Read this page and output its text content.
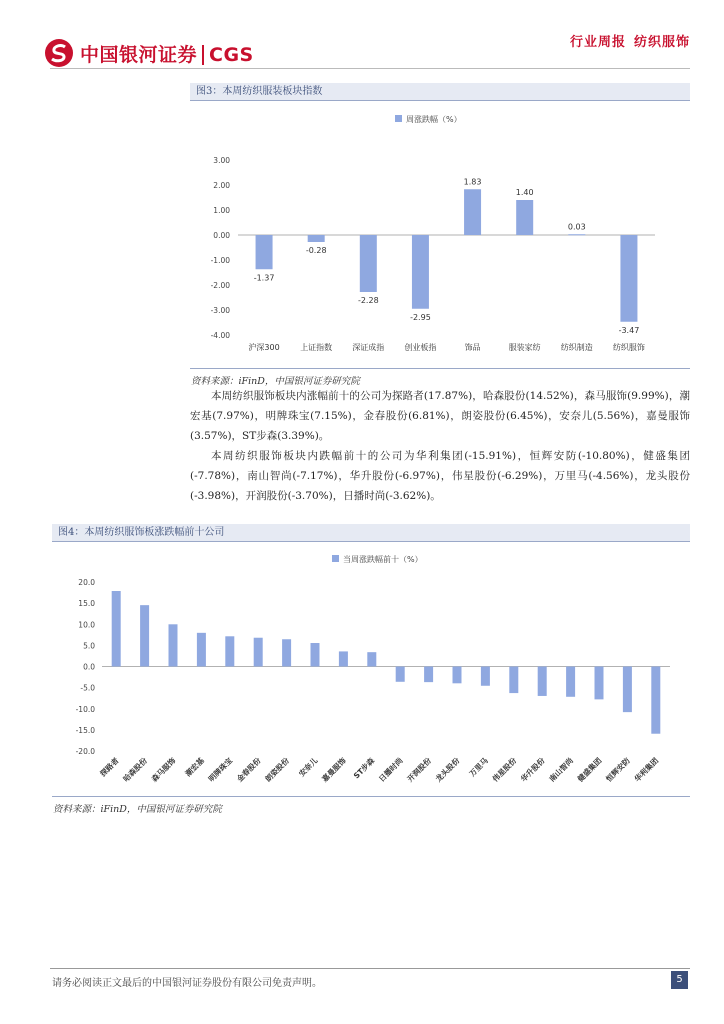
中国银河证券 CGS
行业周报 纺织服饰
图3：本周纺织服装板块指数
周涨跌幅（%）
3.00
2.00
1.00
0.00
-1.00
-2.00
-3.00
-4.00
-1.37
沪深300
-0.28
上证指数
-2.28
深证成指
-2.95
创业板指
1.83
饰品
1.40
服装家纺
0.03
纺织制造
-3.47
纺织服饰
资料来源：iFinD，中国银河证券研究院

本周纺织服饰板块内涨幅前十的公司为探路者(17.87%)，哈森股份(14.52%)，森马服饰(9.99%)，潮宏基(7.97%)，明牌珠宝(7.15%)，金春股份(6.81%)，朗姿股份(6.45%)，安奈儿(5.56%)，嘉曼服饰(3.57%)，ST步森(3.39%)。

本周纺织服饰板块内跌幅前十的公司为华利集团(-15.91%)，恒辉安防(-10.80%)，健盛集团(-7.78%)，南山智尚(-7.17%)，华升股份(-6.97%)，伟星股份(-6.29%)，万里马(-4.56%)，龙头股份(-3.98%)，开润股份(-3.70%)，日播时尚(-3.62%)。

图4：本周纺织服饰板涨跌幅前十公司
当周涨跌幅前十（%）
20.0
15.0
10.0
5.0
0.0
-5.0
-10.0
-15.0
-20.0
探路者 哈森股份 森马服饰 潮宏基 明牌珠宝 金春股份 朗姿股份 安奈儿 嘉曼服饰 ST步森 日播时尚 开润股份 龙头股份 万里马 伟星股份 华升股份 南山智尚 健盛集团 恒辉安防 华利集团
资料来源：iFinD，中国银河证券研究院
请务必阅读正文最后的中国银河证券股份有限公司免责声明。	5
